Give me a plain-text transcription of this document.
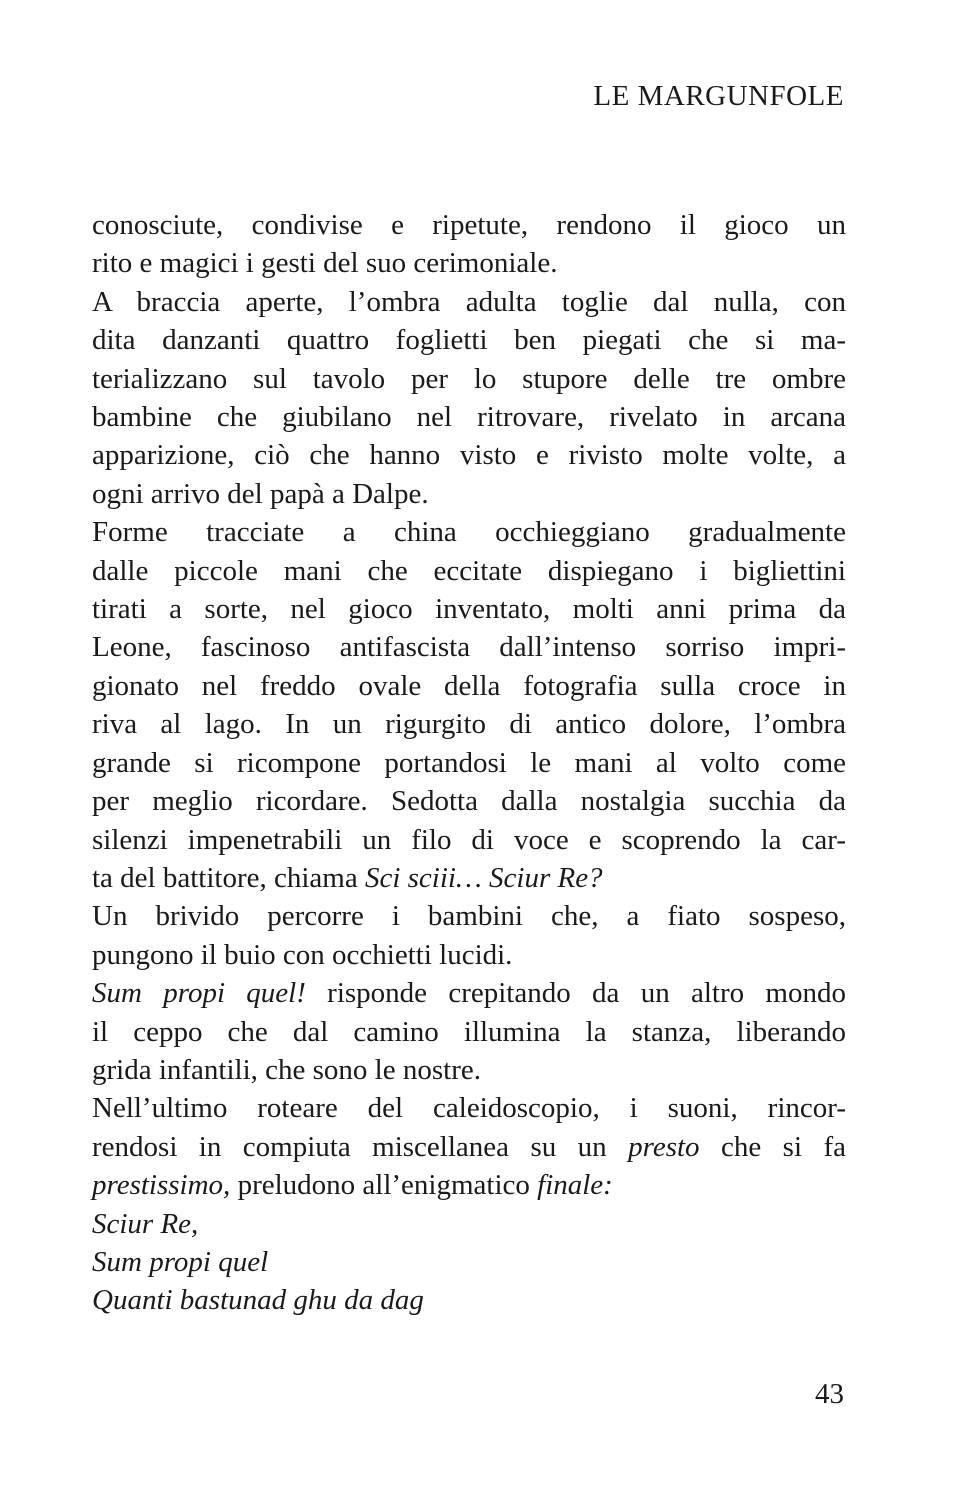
LE MARGUNFOLE
conosciute, condivise e ripetute, rendono il gioco un
rito e magici i gesti del suo cerimoniale.
A braccia aperte, l’ombra adulta toglie dal nulla, con
dita danzanti quattro foglietti ben piegati che si ma-
terializzano sul tavolo per lo stupore delle tre ombre
bambine che giubilano nel ritrovare, rivelato in arcana
apparizione, ciò che hanno visto e rivisto molte volte, a
ogni arrivo del papà a Dalpe.
Forme tracciate a china occhieggiano gradualmente
dalle piccole mani che eccitate dispiegano i bigliettini
tirati a sorte, nel gioco inventato, molti anni prima da
Leone, fascinoso antifascista dall’intenso sorriso impri-
gionato nel freddo ovale della fotografia sulla croce in
riva al lago. In un rigurgito di antico dolore, l’ombra
grande si ricompone portandosi le mani al volto come
per meglio ricordare. Sedotta dalla nostalgia succhia da
silenzi impenetrabili un filo di voce e scoprendo la car-
ta del battitore, chiama Sci sciii… Sciur Re?
Un brivido percorre i bambini che, a fiato sospeso,
pungono il buio con occhietti lucidi.
Sum propi quel! risponde crepitando da un altro mondo
il ceppo che dal camino illumina la stanza, liberando
grida infantili, che sono le nostre.
Nell’ultimo roteare del caleidoscopio, i suoni, rincor-
rendosi in compiuta miscellanea su un presto che si fa
prestissimo, preludono all’enigmatico finale:
Sciur Re,
Sum propi quel
Quanti bastunad ghu da dag
43
